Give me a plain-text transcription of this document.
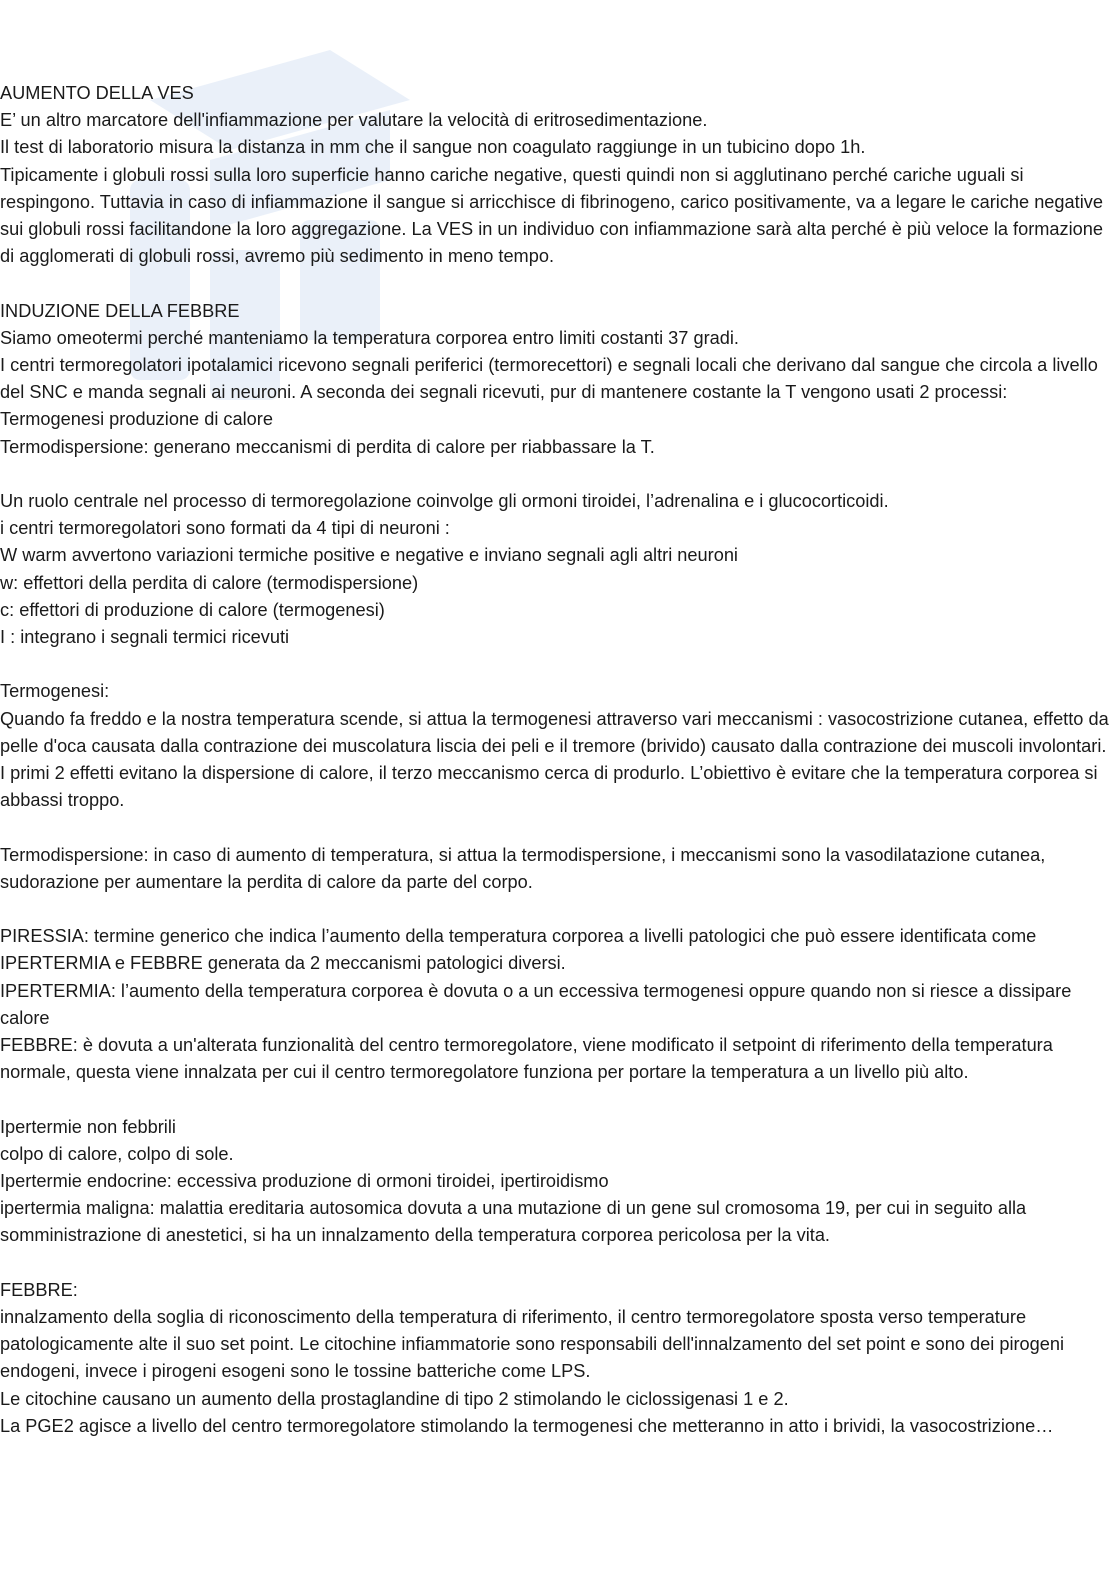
AUMENTO DELLA VES

E’ un altro marcatore dell'infiammazione per valutare la velocità di eritrosedimentazione.

Il test di laboratorio misura la distanza in mm che il sangue non coagulato raggiunge in un tubicino dopo 1h.

Tipicamente i globuli rossi sulla loro superficie hanno cariche negative, questi quindi non si agglutinano perché cariche uguali si respingono. Tuttavia in caso di infiammazione il sangue si arricchisce di fibrinogeno, carico positivamente, va a legare le cariche negative sui globuli rossi facilitandone la loro aggregazione. La VES in un individuo con infiammazione sarà alta perché è più veloce la formazione di agglomerati di globuli rossi, avremo più sedimento in meno tempo.

INDUZIONE DELLA FEBBRE

Siamo omeotermi perché manteniamo la temperatura corporea entro limiti costanti 37 gradi.

I centri termoregolatori ipotalamici ricevono segnali periferici (termorecettori) e segnali locali che derivano dal sangue che circola a livello del SNC e manda segnali ai neuroni. A seconda dei segnali ricevuti, pur di mantenere costante la T vengono usati 2 processi:

Termogenesi produzione di calore

Termodispersione: generano meccanismi di perdita di calore per riabbassare la T.

Un ruolo centrale nel processo di termoregolazione coinvolge gli ormoni tiroidei, l’adrenalina e i glucocorticoidi.

i centri termoregolatori sono formati da 4 tipi di neuroni :

W warm avvertono variazioni termiche positive e negative e inviano segnali agli altri neuroni

w: effettori della perdita di calore (termodispersione)

c: effettori di produzione di calore (termogenesi)

I : integrano i segnali termici ricevuti

Termogenesi:

Quando fa freddo e la nostra temperatura scende, si attua la termogenesi attraverso vari meccanismi : vasocostrizione cutanea, effetto da pelle d'oca causata dalla contrazione dei muscolatura liscia dei peli e il tremore (brivido) causato dalla contrazione dei muscoli involontari. I primi 2 effetti evitano la dispersione di calore, il terzo meccanismo cerca di produrlo. L’obiettivo è evitare che la temperatura corporea si abbassi troppo.

Termodispersione: in caso di aumento di temperatura, si attua la termodispersione, i meccanismi sono la vasodilatazione cutanea, sudorazione per aumentare la perdita di calore da parte del corpo.

PIRESSIA: termine generico che indica l’aumento della temperatura corporea a livelli patologici che può essere identificata come IPERTERMIA e FEBBRE generata da 2 meccanismi patologici diversi.

IPERTERMIA: l’aumento della temperatura corporea è dovuta o a un eccessiva termogenesi oppure quando non si riesce a dissipare calore

FEBBRE: è dovuta a un'alterata funzionalità del centro termoregolatore, viene modificato il setpoint di riferimento della temperatura normale, questa viene innalzata per cui il centro termoregolatore funziona per portare la temperatura a un livello più alto.

Ipertermie non febbrili

colpo di calore, colpo di sole.

Ipertermie endocrine: eccessiva produzione di ormoni tiroidei, ipertiroidismo

ipertermia maligna: malattia ereditaria autosomica dovuta a una mutazione di un gene sul cromosoma 19, per cui in seguito alla somministrazione di anestetici, si ha un innalzamento della temperatura corporea pericolosa per la vita.

FEBBRE:

innalzamento della soglia di riconoscimento della temperatura di riferimento, il centro termoregolatore sposta verso temperature patologicamente alte il suo set point. Le citochine infiammatorie sono responsabili dell'innalzamento del set point e sono dei pirogeni endogeni, invece i pirogeni esogeni sono le tossine batteriche come LPS.

Le citochine causano un aumento della prostaglandine di tipo 2 stimolando le ciclossigenasi 1 e 2.

La PGE2 agisce a livello del centro termoregolatore stimolando la termogenesi che metteranno in atto i brividi, la vasocostrizione…
